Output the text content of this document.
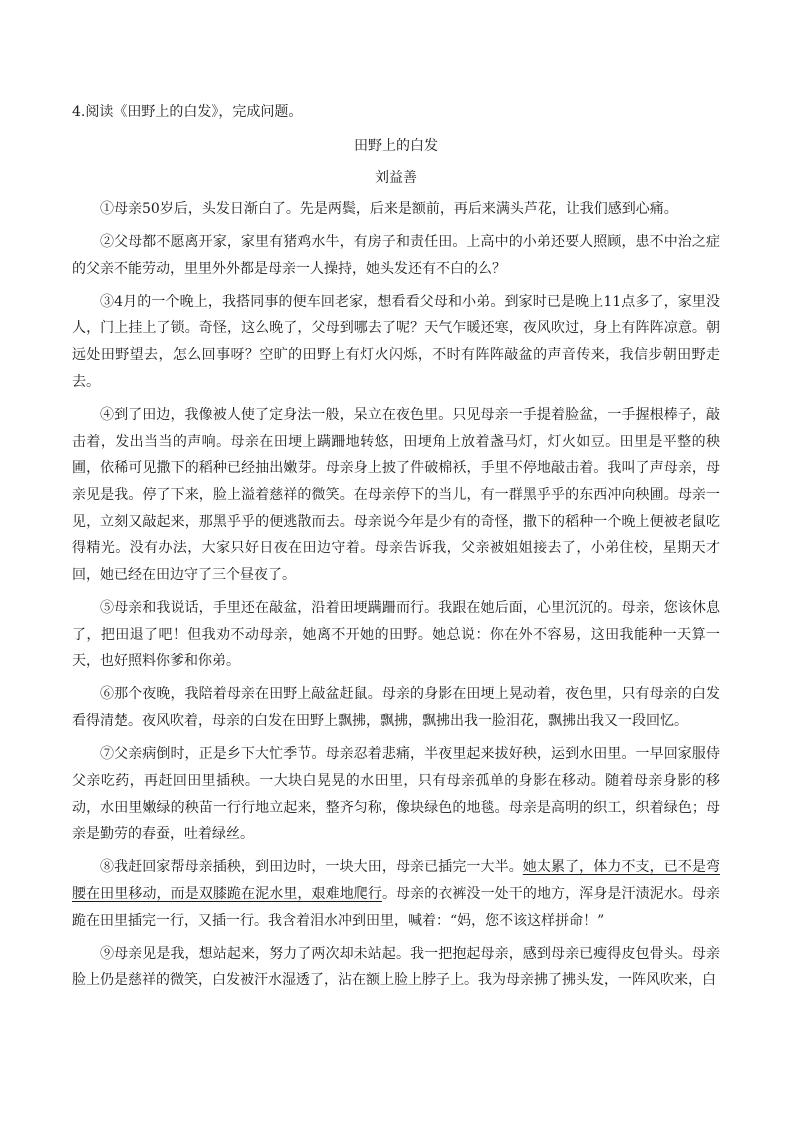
4.阅读《田野上的白发》，完成问题。

田野上的白发

刘益善

①母亲50岁后，头发日渐白了。先是两鬓，后来是额前，再后来满头芦花，让我们感到心痛。

②父母都不愿离开家，家里有猪鸡水牛，有房子和责任田。上高中的小弟还要人照顾，患不中治之症的父亲不能劳动，里里外外都是母亲一人操持，她头发还有不白的么？

③4月的一个晚上，我搭同事的便车回老家，想看看父母和小弟。到家时已是晚上11点多了，家里没人，门上挂上了锁。奇怪，这么晚了，父母到哪去了呢？天气乍暖还寒，夜风吹过，身上有阵阵凉意。朝远处田野望去，怎么回事呀？空旷的田野上有灯火闪烁，不时有阵阵敲盆的声音传来，我信步朝田野走去。

④到了田边，我像被人使了定身法一般，呆立在夜色里。只见母亲一手提着脸盆，一手握根棒子，敲击着，发出当当的声响。母亲在田埂上蹒跚地转悠，田埂角上放着盏马灯，灯火如豆。田里是平整的秧圃，依稀可见撒下的稻种已经抽出嫩芽。母亲身上披了件破棉袄，手里不停地敲击着。我叫了声母亲，母亲见是我。停了下来，脸上溢着慈祥的微笑。在母亲停下的当儿，有一群黑乎乎的东西冲向秧圃。母亲一见，立刻又敲起来，那黑乎乎的便逃散而去。母亲说今年是少有的奇怪，撒下的稻种一个晚上便被老鼠吃得精光。没有办法，大家只好日夜在田边守着。母亲告诉我，父亲被姐姐接去了，小弟住校，星期天才回，她已经在田边守了三个昼夜了。

⑤母亲和我说话，手里还在敲盆，沿着田埂蹒跚而行。我跟在她后面，心里沉沉的。母亲，您该休息了，把田退了吧！但我劝不动母亲，她离不开她的田野。她总说：你在外不容易，这田我能种一天算一天，也好照料你爹和你弟。

⑥那个夜晚，我陪着母亲在田野上敲盆赶鼠。母亲的身影在田埂上晃动着，夜色里，只有母亲的白发看得清楚。夜风吹着，母亲的白发在田野上飘拂，飘拂，飘拂出我一脸泪花，飘拂出我又一段回忆。

⑦父亲病倒时，正是乡下大忙季节。母亲忍着悲痛，半夜里起来拔好秧，运到水田里。一早回家服侍父亲吃药，再赶回田里插秧。一大块白晃晃的水田里，只有母亲孤单的身影在移动。随着母亲身影的移动，水田里嫩绿的秧苗一行行地立起来，整齐匀称，像块绿色的地毯。母亲是高明的织工，织着绿色；母亲是勤劳的春蚕，吐着绿丝。

⑧我赶回家帮母亲插秧，到田边时，一块大田，母亲已插完一大半。她太累了，体力不支，已不是弯腰在田里移动，而是双膝跪在泥水里，艰难地爬行。母亲的衣裤没一处干的地方，浑身是汗渍泥水。母亲跪在田里插完一行，又插一行。我含着泪水冲到田里，喊着：“妈，您不该这样拼命！”

⑨母亲见是我，想站起来，努力了两次却未站起。我一把抱起母亲，感到母亲已瘦得皮包骨头。母亲脸上仍是慈祥的微笑，白发被汗水湿透了，沾在额上脸上脖子上。我为母亲拂了拂头发，一阵风吹来，白
